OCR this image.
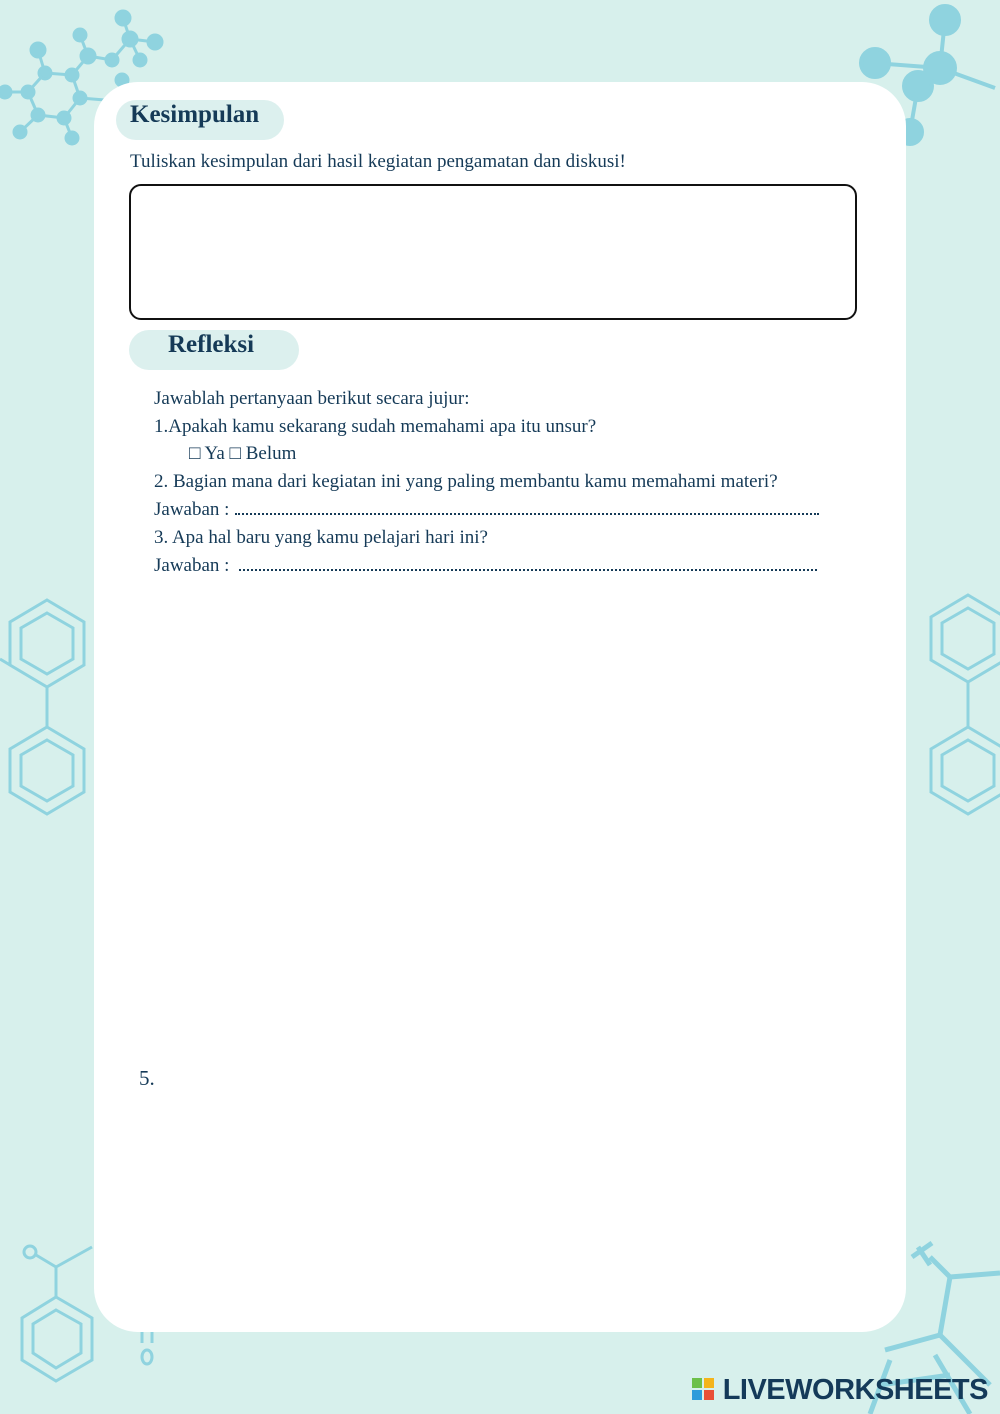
Kesimpulan
Tuliskan kesimpulan dari hasil kegiatan pengamatan dan diskusi!
Refleksi
Jawablah pertanyaan berikut secara jujur:
1.Apakah kamu sekarang sudah memahami apa itu unsur?
□ Ya □ Belum
2. Bagian mana dari kegiatan ini yang paling membantu kamu memahami materi?
Jawaban :
3. Apa hal baru yang kamu pelajari hari ini?
Jawaban :
5.
LIVEWORKSHEETS
